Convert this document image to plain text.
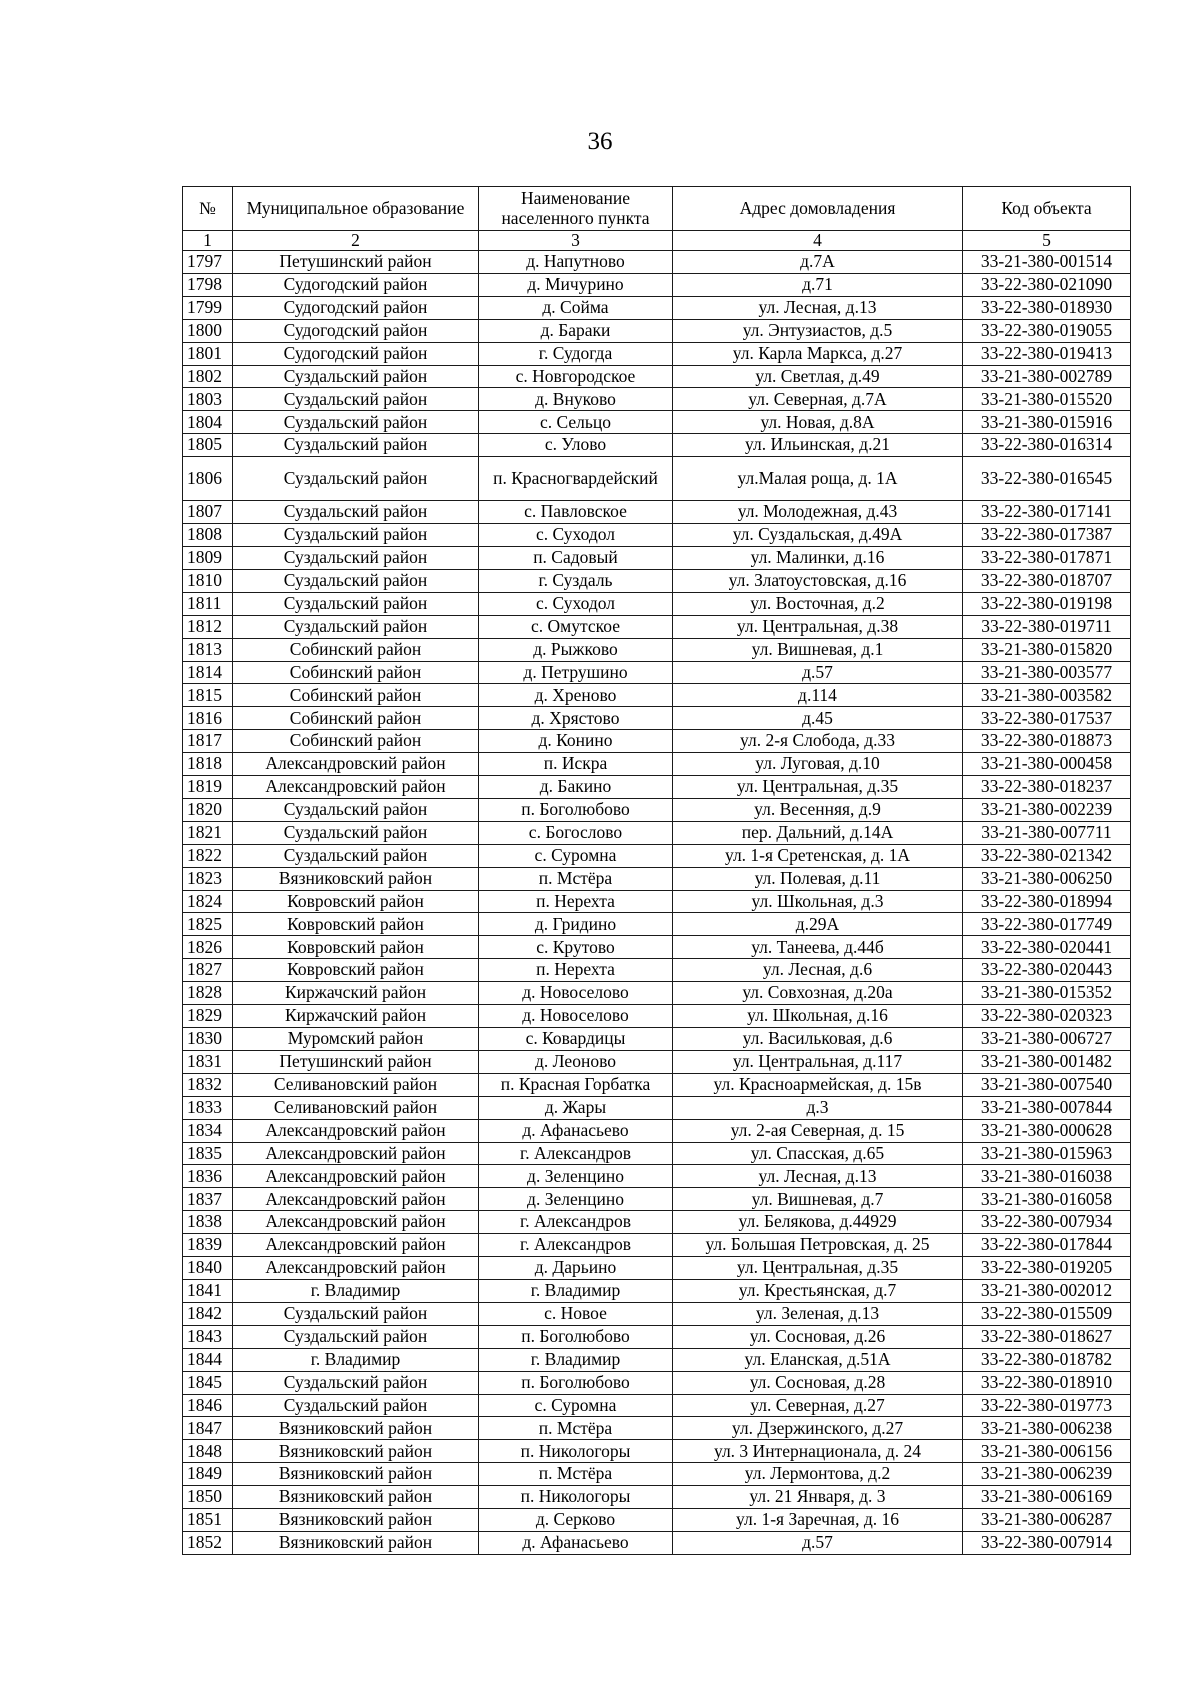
36
№	Муниципальное образование	Наименование населенного пункта	Адрес домовладения	Код объекта
1	2	3	4	5
1797	Петушинский район	д. Напутново	д.7А	33-21-380-001514
1798	Судогодский район	д. Мичурино	д.71	33-22-380-021090
1799	Судогодский район	д. Сойма	ул. Лесная, д.13	33-22-380-018930
1800	Судогодский район	д. Бараки	ул. Энтузиастов, д.5	33-22-380-019055
1801	Судогодский район	г. Судогда	ул. Карла Маркса, д.27	33-22-380-019413
1802	Суздальский район	с. Новгородское	ул. Светлая, д.49	33-21-380-002789
1803	Суздальский район	д. Внуково	ул. Северная, д.7А	33-21-380-015520
1804	Суздальский район	с. Сельцо	ул. Новая, д.8А	33-21-380-015916
1805	Суздальский район	с. Улово	ул. Ильинская, д.21	33-22-380-016314
1806	Суздальский район	п. Красногвардейский	ул.Малая роща, д. 1А	33-22-380-016545
1807	Суздальский район	с. Павловское	ул. Молодежная, д.43	33-22-380-017141
1808	Суздальский район	с. Суходол	ул. Суздальская, д.49А	33-22-380-017387
1809	Суздальский район	п. Садовый	ул. Малинки, д.16	33-22-380-017871
1810	Суздальский район	г. Суздаль	ул. Златоустовская, д.16	33-22-380-018707
1811	Суздальский район	с. Суходол	ул. Восточная, д.2	33-22-380-019198
1812	Суздальский район	с. Омутское	ул. Центральная, д.38	33-22-380-019711
1813	Собинский район	д. Рыжково	ул. Вишневая, д.1	33-21-380-015820
1814	Собинский район	д. Петрушино	д.57	33-21-380-003577
1815	Собинский район	д. Хреново	д.114	33-21-380-003582
1816	Собинский район	д. Хрястово	д.45	33-22-380-017537
1817	Собинский район	д. Конино	ул. 2-я Слобода, д.33	33-22-380-018873
1818	Александровский район	п. Искра	ул. Луговая, д.10	33-21-380-000458
1819	Александровский район	д. Бакино	ул. Центральная, д.35	33-22-380-018237
1820	Суздальский район	п. Боголюбово	ул. Весенняя, д.9	33-21-380-002239
1821	Суздальский район	с. Богослово	пер. Дальний, д.14А	33-21-380-007711
1822	Суздальский район	с. Суромна	ул. 1-я Сретенская, д. 1А	33-22-380-021342
1823	Вязниковский район	п. Мстёра	ул. Полевая, д.11	33-21-380-006250
1824	Ковровский район	п. Нерехта	ул. Школьная, д.3	33-22-380-018994
1825	Ковровский район	д. Гридино	д.29А	33-22-380-017749
1826	Ковровский район	с. Крутово	ул. Танеева, д.44б	33-22-380-020441
1827	Ковровский район	п. Нерехта	ул. Лесная, д.6	33-22-380-020443
1828	Киржачский район	д. Новоселово	ул. Совхозная, д.20а	33-21-380-015352
1829	Киржачский район	д. Новоселово	ул. Школьная, д.16	33-22-380-020323
1830	Муромский район	с. Ковардицы	ул. Васильковая, д.6	33-21-380-006727
1831	Петушинский район	д. Леоново	ул. Центральная, д.117	33-21-380-001482
1832	Селивановский район	п. Красная Горбатка	ул. Красноармейская, д. 15в	33-21-380-007540
1833	Селивановский район	д. Жары	д.3	33-21-380-007844
1834	Александровский район	д. Афанасьево	ул. 2-ая Северная, д. 15	33-21-380-000628
1835	Александровский район	г. Александров	ул. Спасская, д.65	33-21-380-015963
1836	Александровский район	д. Зеленцино	ул. Лесная, д.13	33-21-380-016038
1837	Александровский район	д. Зеленцино	ул. Вишневая, д.7	33-21-380-016058
1838	Александровский район	г. Александров	ул. Белякова, д.44929	33-22-380-007934
1839	Александровский район	г. Александров	ул. Большая Петровская, д. 25	33-22-380-017844
1840	Александровский район	д. Дарьино	ул. Центральная, д.35	33-22-380-019205
1841	г. Владимир	г. Владимир	ул. Крестьянская, д.7	33-21-380-002012
1842	Суздальский район	с. Новое	ул. Зеленая, д.13	33-22-380-015509
1843	Суздальский район	п. Боголюбово	ул. Сосновая, д.26	33-22-380-018627
1844	г. Владимир	г. Владимир	ул. Еланская, д.51А	33-22-380-018782
1845	Суздальский район	п. Боголюбово	ул. Сосновая, д.28	33-22-380-018910
1846	Суздальский район	с. Суромна	ул. Северная, д.27	33-22-380-019773
1847	Вязниковский район	п. Мстёра	ул. Дзержинского, д.27	33-21-380-006238
1848	Вязниковский район	п. Никологоры	ул. 3 Интернационала, д. 24	33-21-380-006156
1849	Вязниковский район	п. Мстёра	ул. Лермонтова, д.2	33-21-380-006239
1850	Вязниковский район	п. Никологоры	ул. 21 Января, д. 3	33-21-380-006169
1851	Вязниковский район	д. Серково	ул. 1-я Заречная, д. 16	33-21-380-006287
1852	Вязниковский район	д. Афанасьево	д.57	33-22-380-007914
